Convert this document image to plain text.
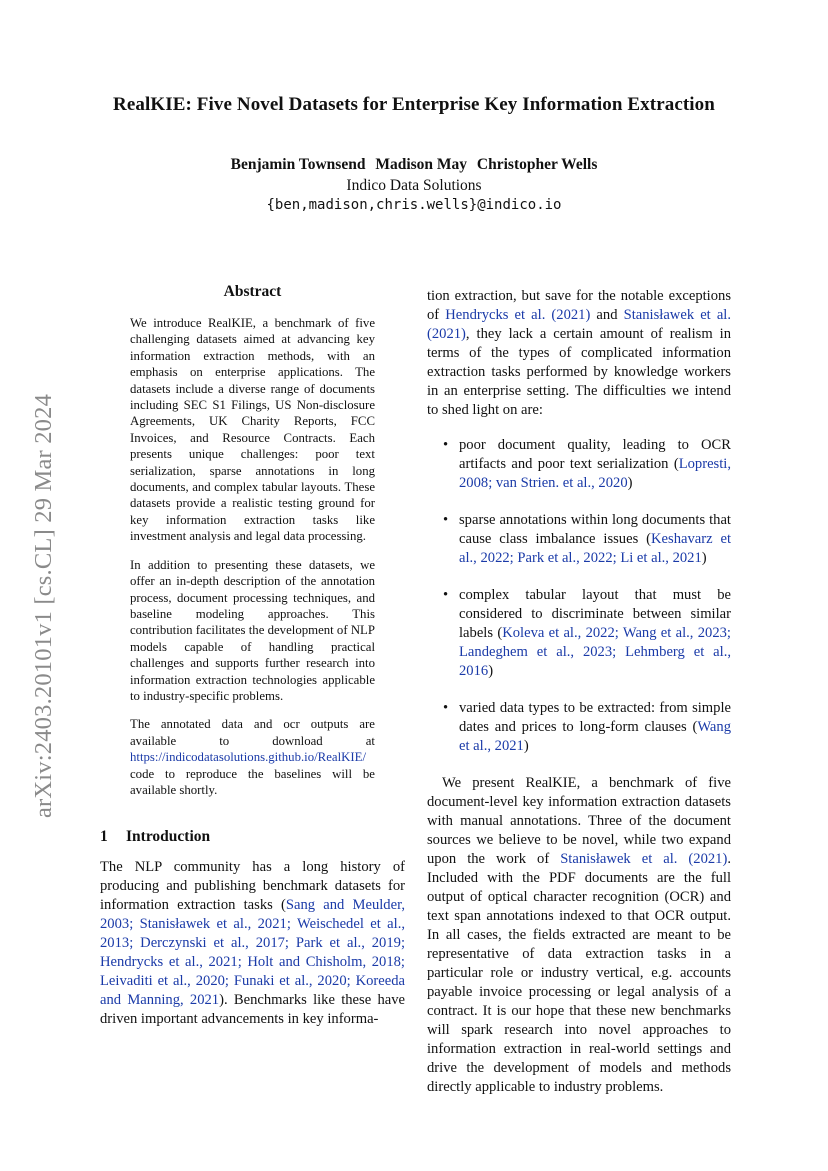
RealKIE: Five Novel Datasets for Enterprise Key Information Extraction
Benjamin Townsend Madison May Christopher Wells
Indico Data Solutions
{ben,madison,chris.wells}@indico.io
arXiv:2403.20101v1 [cs.CL] 29 Mar 2024
Abstract

We introduce RealKIE, a benchmark of five challenging datasets aimed at advancing key information extraction methods, with an emphasis on enterprise applications. The datasets include a diverse range of documents including SEC S1 Filings, US Non-disclosure Agreements, UK Charity Reports, FCC Invoices, and Resource Contracts. Each presents unique challenges: poor text serialization, sparse annotations in long documents, and complex tabular layouts. These datasets provide a realistic testing ground for key information extraction tasks like investment analysis and legal data processing.

In addition to presenting these datasets, we offer an in-depth description of the annotation process, document processing techniques, and baseline modeling approaches. This contribution facilitates the development of NLP models capable of handling practical challenges and supports further research into information extraction technologies applicable to industry-specific problems.

The annotated data and ocr outputs are available to download at https://indicodatasolutions.github.io/RealKIE/ code to reproduce the baselines will be available shortly.

1 Introduction

The NLP community has a long history of producing and publishing benchmark datasets for information extraction tasks (Sang and Meulder, 2003; Stanisławek et al., 2021; Weischedel et al., 2013; Derczynski et al., 2017; Park et al., 2019; Hendrycks et al., 2021; Holt and Chisholm, 2018; Leivaditi et al., 2020; Funaki et al., 2020; Koreeda and Manning, 2021). Benchmarks like these have driven important advancements in key informa-

tion extraction, but save for the notable exceptions of Hendrycks et al. (2021) and Stanisławek et al. (2021), they lack a certain amount of realism in terms of the types of complicated information extraction tasks performed by knowledge workers in an enterprise setting. The difficulties we intend to shed light on are:

• poor document quality, leading to OCR artifacts and poor text serialization (Lopresti, 2008; van Strien. et al., 2020)
• sparse annotations within long documents that cause class imbalance issues (Keshavarz et al., 2022; Park et al., 2022; Li et al., 2021)
• complex tabular layout that must be considered to discriminate between similar labels (Koleva et al., 2022; Wang et al., 2023; Landeghem et al., 2023; Lehmberg et al., 2016)
• varied data types to be extracted: from simple dates and prices to long-form clauses (Wang et al., 2021)

We present RealKIE, a benchmark of five document-level key information extraction datasets with manual annotations. Three of the document sources we believe to be novel, while two expand upon the work of Stanisławek et al. (2021). Included with the PDF documents are the full output of optical character recognition (OCR) and text span annotations indexed to that OCR output. In all cases, the fields extracted are meant to be representative of data extraction tasks in a particular role or industry vertical, e.g. accounts payable invoice processing or legal analysis of a contract. It is our hope that these new benchmarks will spark research into novel approaches to information extraction in real-world settings and drive the development of models and methods directly applicable to industry problems.
